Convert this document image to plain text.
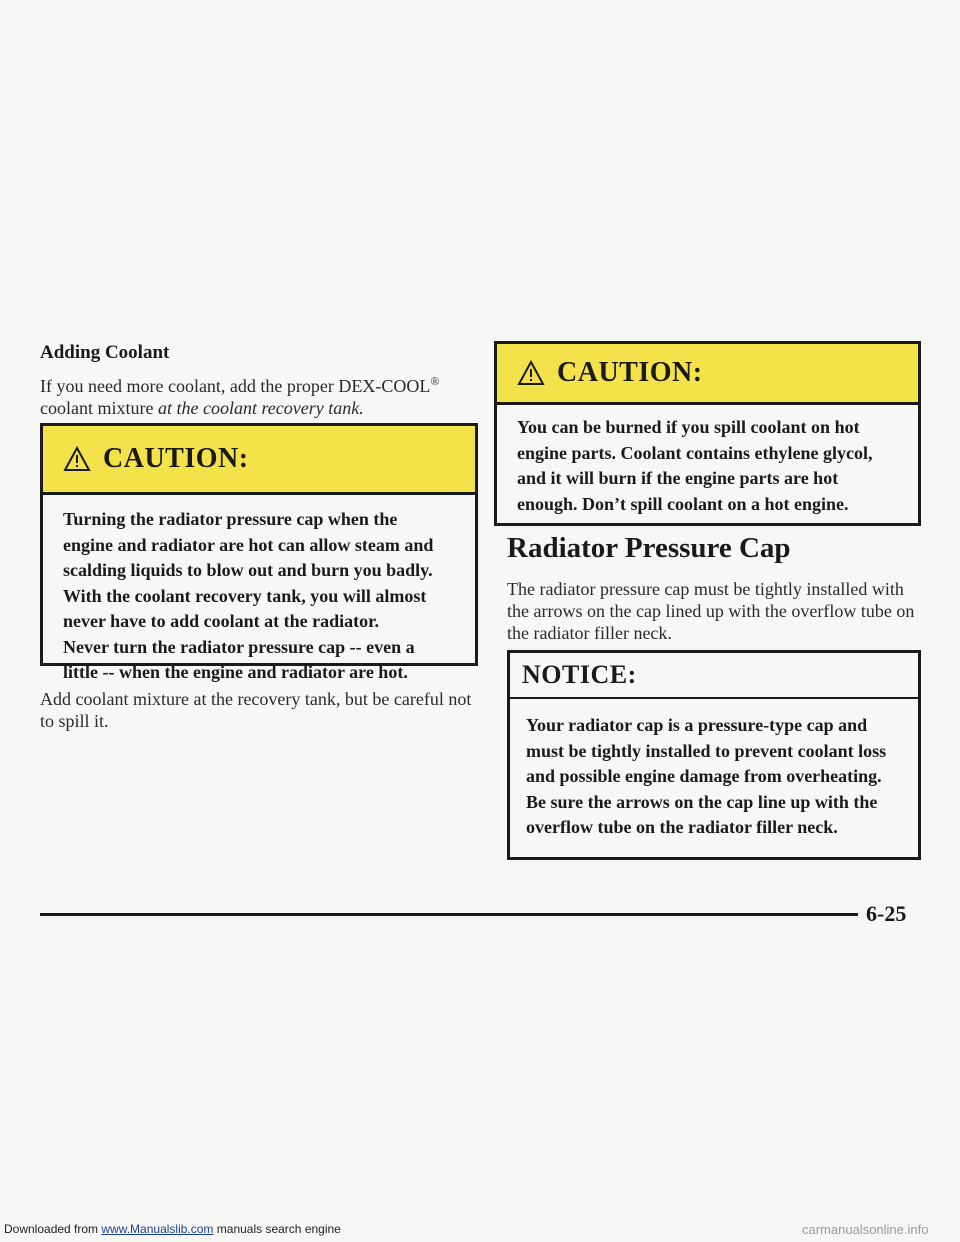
Adding Coolant
If you need more coolant, add the proper DEX-COOL®
coolant mixture at the coolant recovery tank.
CAUTION:

Turning the radiator pressure cap when the

engine and radiator are hot can allow steam and

scalding liquids to blow out and burn you badly.

With the coolant recovery tank, you will almost

never have to add coolant at the radiator.

Never turn the radiator pressure cap -- even a

little -- when the engine and radiator are hot.

Add coolant mixture at the recovery tank, but be careful not to spill it.
CAUTION:

You can be burned if you spill coolant on hot

engine parts. Coolant contains ethylene glycol,

and it will burn if the engine parts are hot

enough. Don’t spill coolant on a hot engine.

Radiator Pressure Cap
The radiator pressure cap must be tightly installed with the arrows on the cap lined up with the overflow tube on the radiator filler neck.
NOTICE:

Your radiator cap is a pressure-type cap and

must be tightly installed to prevent coolant loss

and possible engine damage from overheating.

Be sure the arrows on the cap line up with the

overflow tube on the radiator filler neck.

6-25
Downloaded from www.Manualslib.com manuals search engine	carmanualsonline.info
